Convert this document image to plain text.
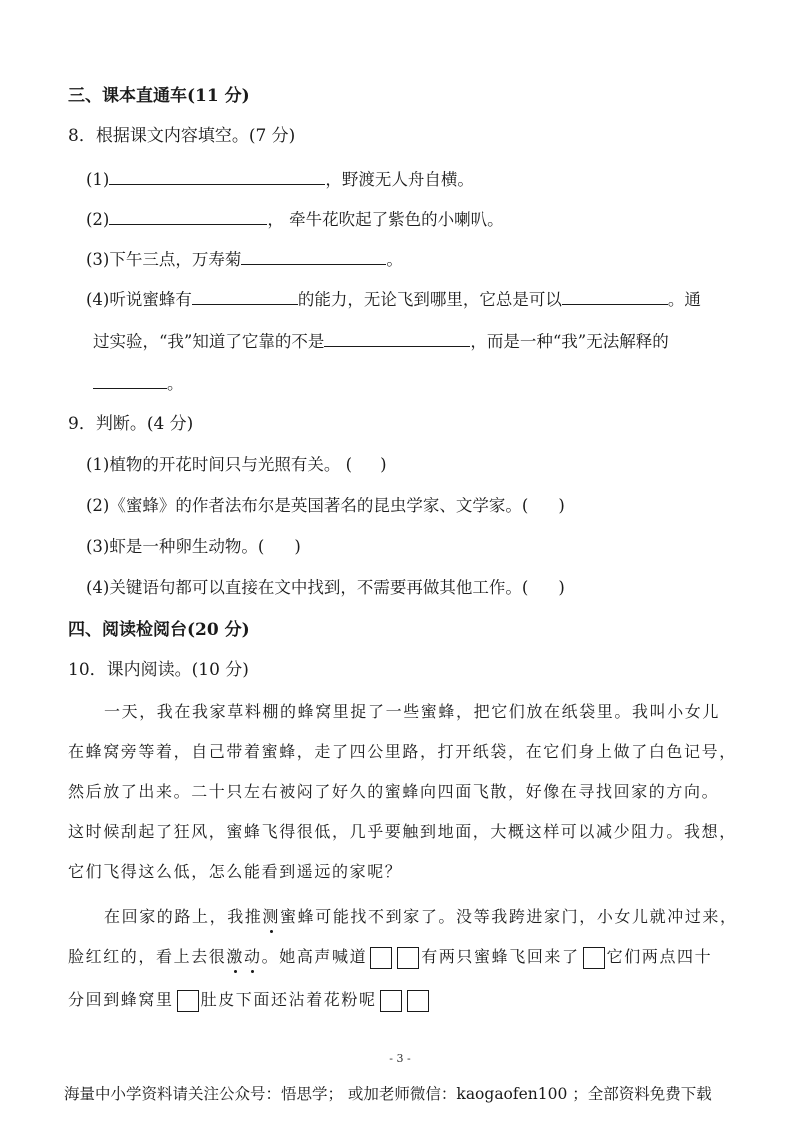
三、课本直通车(11 分)
8．根据课文内容填空。(7 分)
(1)	，野渡无人舟自横。
(2)	， 牵牛花吹起了紫色的小喇叭。
(3)下午三点，万寿菊	。
(4)听说蜜蜂有	的能力，无论飞到哪里，它总是可以	。通
过实验，“我”知道了它靠的不是	，而是一种“我”无法解释的
。
9．判断。(4 分)
(1)植物的开花时间只与光照有关。 ( )
(2)《蜜蜂》的作者法布尔是英国著名的昆虫学家、文学家。( )
(3)虾是一种卵生动物。( )
(4)关键语句都可以直接在文中找到，不需要再做其他工作。( )
四、阅读检阅台(20 分)
10．课内阅读。(10 分)
一天，我在我家草料棚的蜂窝里捉了一些蜜蜂，把它们放在纸袋里。我叫小女儿
在蜂窝旁等着，自己带着蜜蜂，走了四公里路，打开纸袋，在它们身上做了白色记号，
然后放了出来。二十只左右被闷了好久的蜜蜂向四面飞散，好像在寻找回家的方向。
这时候刮起了狂风，蜜蜂飞得很低，几乎要触到地面，大概这样可以减少阻力。我想，
它们飞得这么低，怎么能看到遥远的家呢？
在回家的路上，我推测蜜蜂可能找不到家了。没等我跨进家门，小女儿就冲过来，
脸红红的，看上去很激动。她高声喊道	有两只蜜蜂飞回来了 它们两点四十
分回到蜂窝里 肚皮下面还沾着花粉呢
- 3 -
海量中小学资料请关注公众号：悟思学； 或加老师微信：kaogaofen100 ；全部资料免费下载
